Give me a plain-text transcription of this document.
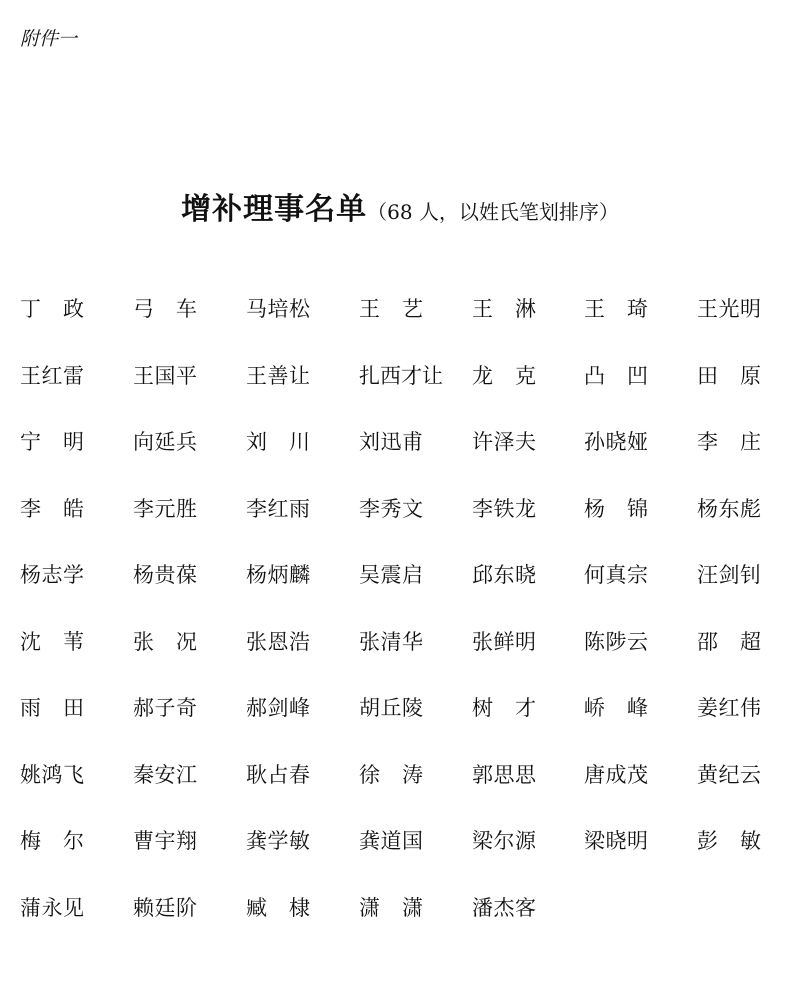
附件一
增补理事名单（68 人，以姓氏笔划排序）
丁 政 弓 车 马培松 王 艺 王 淋 王 琦 王光明
王红雷 王国平 王善让 扎西才让 龙 克 凸 凹 田 原
宁 明 向延兵 刘 川 刘迅甫 许泽夫 孙晓娅 李 庄
李 皓 李元胜 李红雨 李秀文 李铁龙 杨 锦 杨东彪
杨志学 杨贵葆 杨炳麟 吴震启 邱东晓 何真宗 汪剑钊
沈 苇 张 况 张恩浩 张清华 张鲜明 陈陟云 邵 超
雨 田 郝子奇 郝剑峰 胡丘陵 树 才 峤 峰 姜红伟
姚鸿飞 秦安江 耿占春 徐 涛 郭思思 唐成茂 黄纪云
梅 尔 曹宇翔 龚学敏 龚道国 梁尔源 梁晓明 彭 敏
蒲永见 赖廷阶 臧 棣 潇 潇 潘杰客
